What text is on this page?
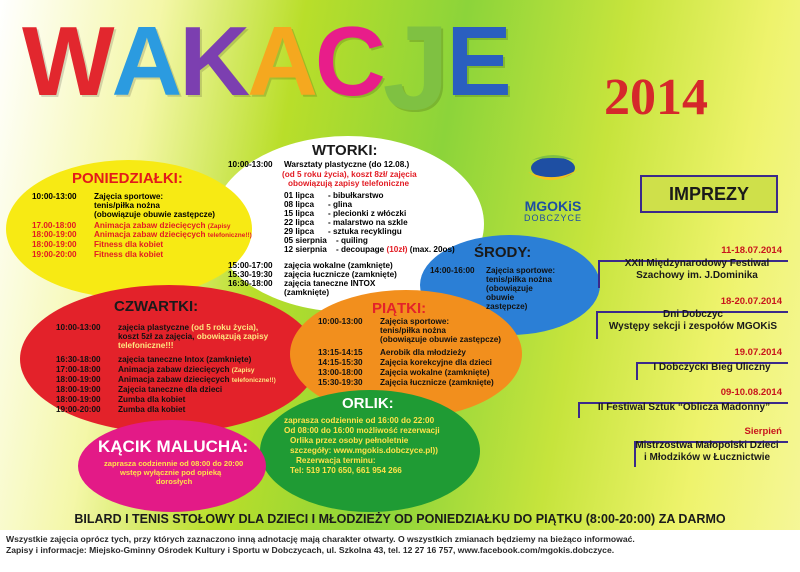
WAKACJE 2014
MGOKiS
DOBCZYCE
PONIEDZIAŁKI:
10:00-13:00 Zajęcia sportowe:
tenis/piłka nożna
(obowiązuje obuwie zastępcze)
17.00-18:00 Animacja zabaw dziecięcych (Zapisy
18:00-19:00 Animacja zabaw dziecięcych telefoniczne!!)
18:00-19:00 Fitness dla kobiet
19:00-20:00 Fitness dla kobiet
WTORKI:
10:00-13:00 Warsztaty plastyczne (do 12.08.)
(od 5 roku życia), koszt 8zł/ zajęcia
obowiązują zapisy telefoniczne
01 lipca - bibułkarstwo
08 lipca - glina
15 lipca - plecionki z włóczki
22 lipca - malarstwo na szkle
29 lipca - sztuka recyklingu
05 sierpnia - quiling
12 sierpnia - decoupage (10zł) (max. 20os)
15:00-17:00 zajęcia wokalne (zamknięte)
15:30-19:30 zajęcia łucznicze (zamknięte)
16:30-18:00 zajęcia taneczne INTOX
(zamknięte)
ŚRODY:
14:00-16:00 Zajęcia sportowe:
tenis/piłka nożna
(obowiązuje
obuwie
zastępcze)
CZWARTKI:
10:00-13:00 zajęcia plastyczne (od 5 roku życia),
koszt 5zł za zajęcia, obowiązują zapisy
telefoniczne!!!
16:30-18:00 zajęcia taneczne Intox (zamknięte)
17:00-18:00 Animacja zabaw dziecięcych (Zapisy
18:00-19:00 Animacja zabaw dziecięcych telefoniczne!!)
18:00-19:00 Zajęcia taneczne dla dzieci
18:00-19:00 Zumba dla kobiet
19:00-20:00 Zumba dla kobiet
PIĄTKI:
10:00-13:00 Zajęcia sportowe:
tenis/piłka nożna
(obowiązuje obuwie zastępcze)
13:15-14:15 Aerobik dla młodzieży
14:15-15:30 Zajęcia korekcyjne dla dzieci
13:00-18:00 Zajęcia wokalne (zamknięte)
15:30-19:30 Zajęcia łucznicze (zamknięte)
ORLIK:
zaprasza codziennie od 16:00 do 22:00
Od 08:00 do 16:00 możliwość rezerwacji
Orlika przez osoby pełnoletnie
szczegóły: www.mgokis.dobczyce.pl))
Rezerwacja terminu:
Tel: 519 170 650, 661 954 266
KĄCIK MALUCHA:
zaprasza codziennie od 08:00 do 20:00
wstęp wyłącznie pod opieką
dorosłych
IMPREZY
11-18.07.2014
XXII Międzynarodowy Festiwal
Szachowy im. J.Dominika
18-20.07.2014
Dni Dobczyc
Występy sekcji i zespołów MGOKiS
19.07.2014
I Dobczycki Bieg Uliczny
09-10.08.2014
II Festiwal Sztuk “Oblicza Madonny”
Sierpień
Mistrzostwa Małopolski Dzieci
i Młodzików w Łucznictwie
BILARD I TENIS STOŁOWY DLA DZIECI I MŁODZIEŻY OD PONIEDZIAŁKU DO PIĄTKU (8:00-20:00) ZA DARMO
Wszystkie zajęcia oprócz tych, przy których zaznaczono inną adnotację mają charakter otwarty. O wszystkich zmianach będziemy na bieżąco informować.
Zapisy i informacje: Miejsko-Gminny Ośrodek Kultury i Sportu w Dobczycach, ul. Szkolna 43, tel. 12 27 16 757, www.facebook.com/mgokis.dobczyce.
